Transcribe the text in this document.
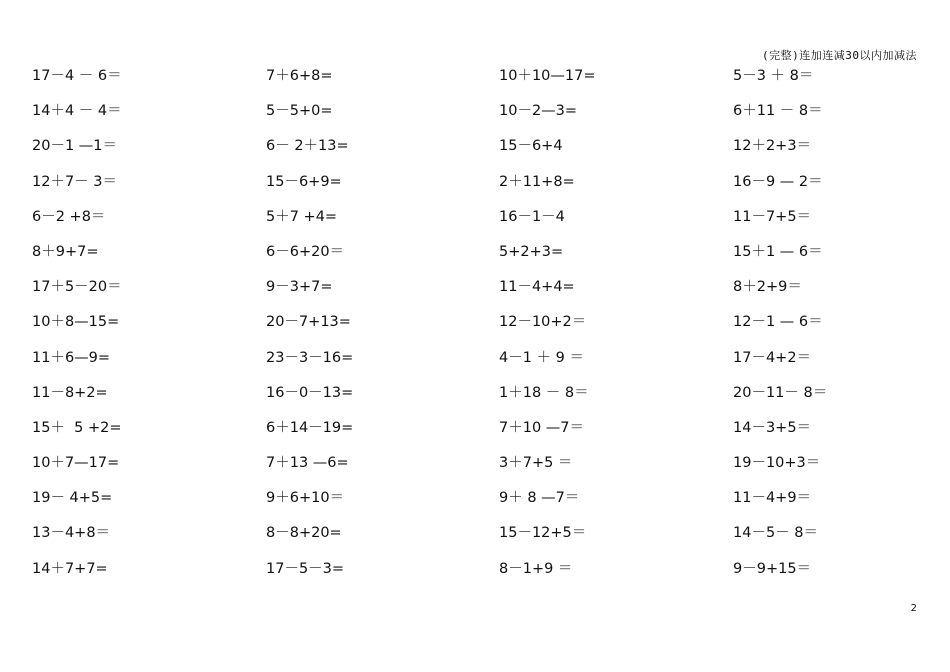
(完整)连加连减30以内加减法
17－4 － 6＝	7＋6+8=	10＋10—17=	5－3 ＋ 8＝
14＋4 － 4＝	5－5+0=	10－2—3=	6＋11 － 8＝
20－1 —1＝	6－ 2＋13=	15－6+4	12＋2+3＝
12＋7－ 3＝	15－6+9=	2＋11+8=	16－9 — 2＝
6－2 +8＝	5＋7 +4=	16－1－4	11－7+5＝
8＋9+7=	6－6+20＝	5+2+3=	15＋1 — 6＝
17＋5－20＝	9－3+7=	11－4+4=	8＋2+9＝
10＋8—15=	20－7+13=	12－10+2＝	12－1 — 6＝
11＋6—9=	23－3－16=	4－1 ＋ 9 ＝	17－4+2＝
11－8+2=	16－0－13=	1＋18 － 8＝	20－11－ 8＝
15＋  5 +2=	6＋14－19=	7＋10 —7＝	14－3+5＝
10＋7—17=	7＋13 —6=	3＋7+5 ＝	19－10+3＝
19－ 4+5=	9＋6+10＝	9＋ 8 —7＝	11－4+9＝
13－4+8＝	8－8+20=	15－12+5＝	14－5－ 8＝
14＋7+7=	17－5－3=	8－1+9 ＝	9－9+15＝
2
